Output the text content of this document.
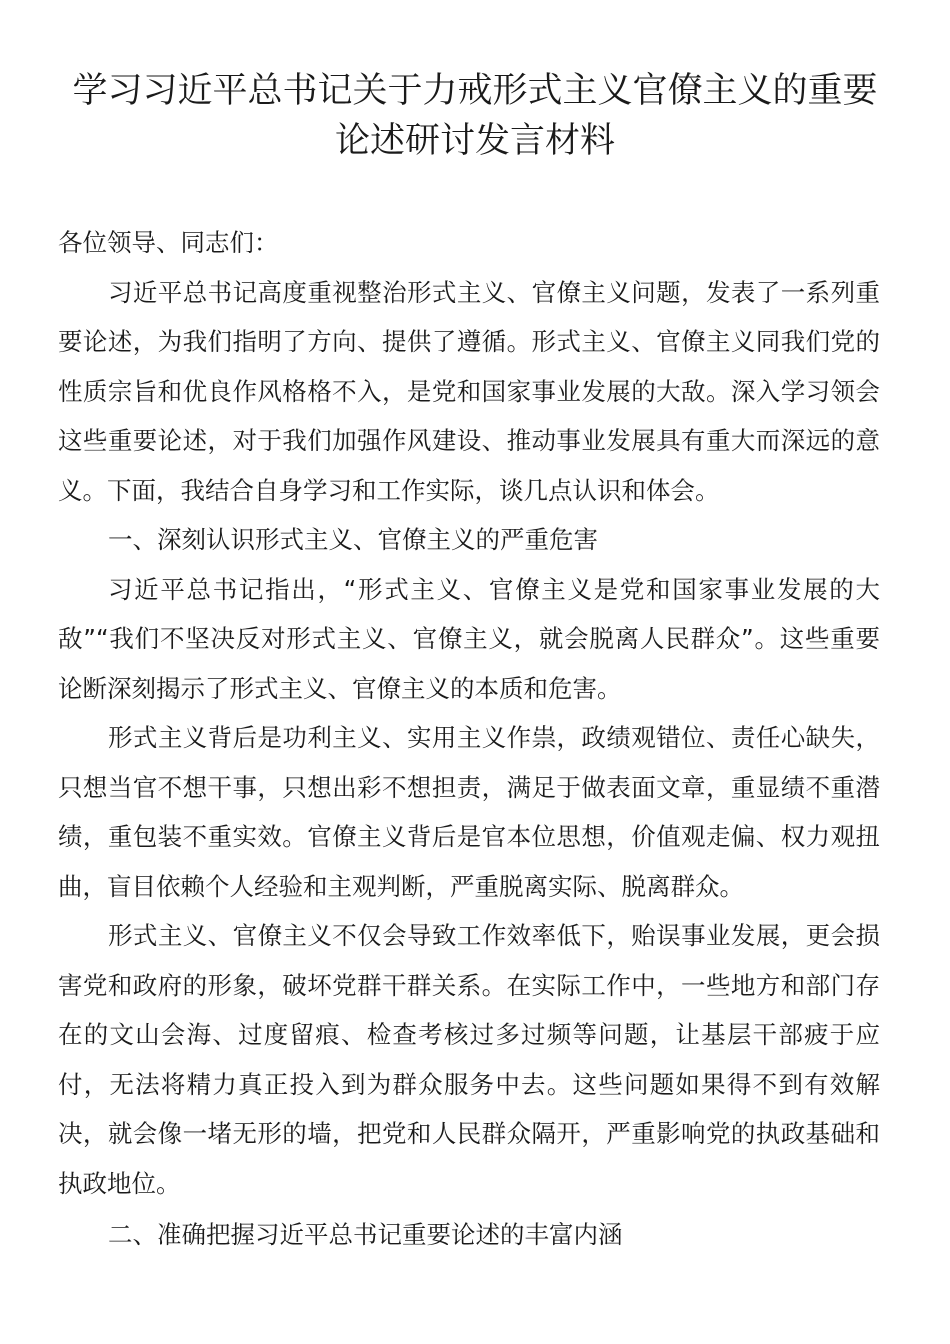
学习习近平总书记关于力戒形式主义官僚主义的重要
论述研讨发言材料

各位领导、同志们：

习近平总书记高度重视整治形式主义、官僚主义问题，发表了一系列重要论述，为我们指明了方向、提供了遵循。形式主义、官僚主义同我们党的性质宗旨和优良作风格格不入，是党和国家事业发展的大敌。深入学习领会这些重要论述，对于我们加强作风建设、推动事业发展具有重大而深远的意义。下面，我结合自身学习和工作实际，谈几点认识和体会。

一、深刻认识形式主义、官僚主义的严重危害

习近平总书记指出，“形式主义、官僚主义是党和国家事业发展的大敌”“我们不坚决反对形式主义、官僚主义，就会脱离人民群众”。这些重要论断深刻揭示了形式主义、官僚主义的本质和危害。

形式主义背后是功利主义、实用主义作祟，政绩观错位、责任心缺失，只想当官不想干事，只想出彩不想担责，满足于做表面文章，重显绩不重潜绩，重包装不重实效。官僚主义背后是官本位思想，价值观走偏、权力观扭曲，盲目依赖个人经验和主观判断，严重脱离实际、脱离群众。

形式主义、官僚主义不仅会导致工作效率低下，贻误事业发展，更会损害党和政府的形象，破坏党群干群关系。在实际工作中，一些地方和部门存在的文山会海、过度留痕、检查考核过多过频等问题，让基层干部疲于应付，无法将精力真正投入到为群众服务中去。这些问题如果得不到有效解决，就会像一堵无形的墙，把党和人民群众隔开，严重影响党的执政基础和执政地位。

二、准确把握习近平总书记重要论述的丰富内涵
